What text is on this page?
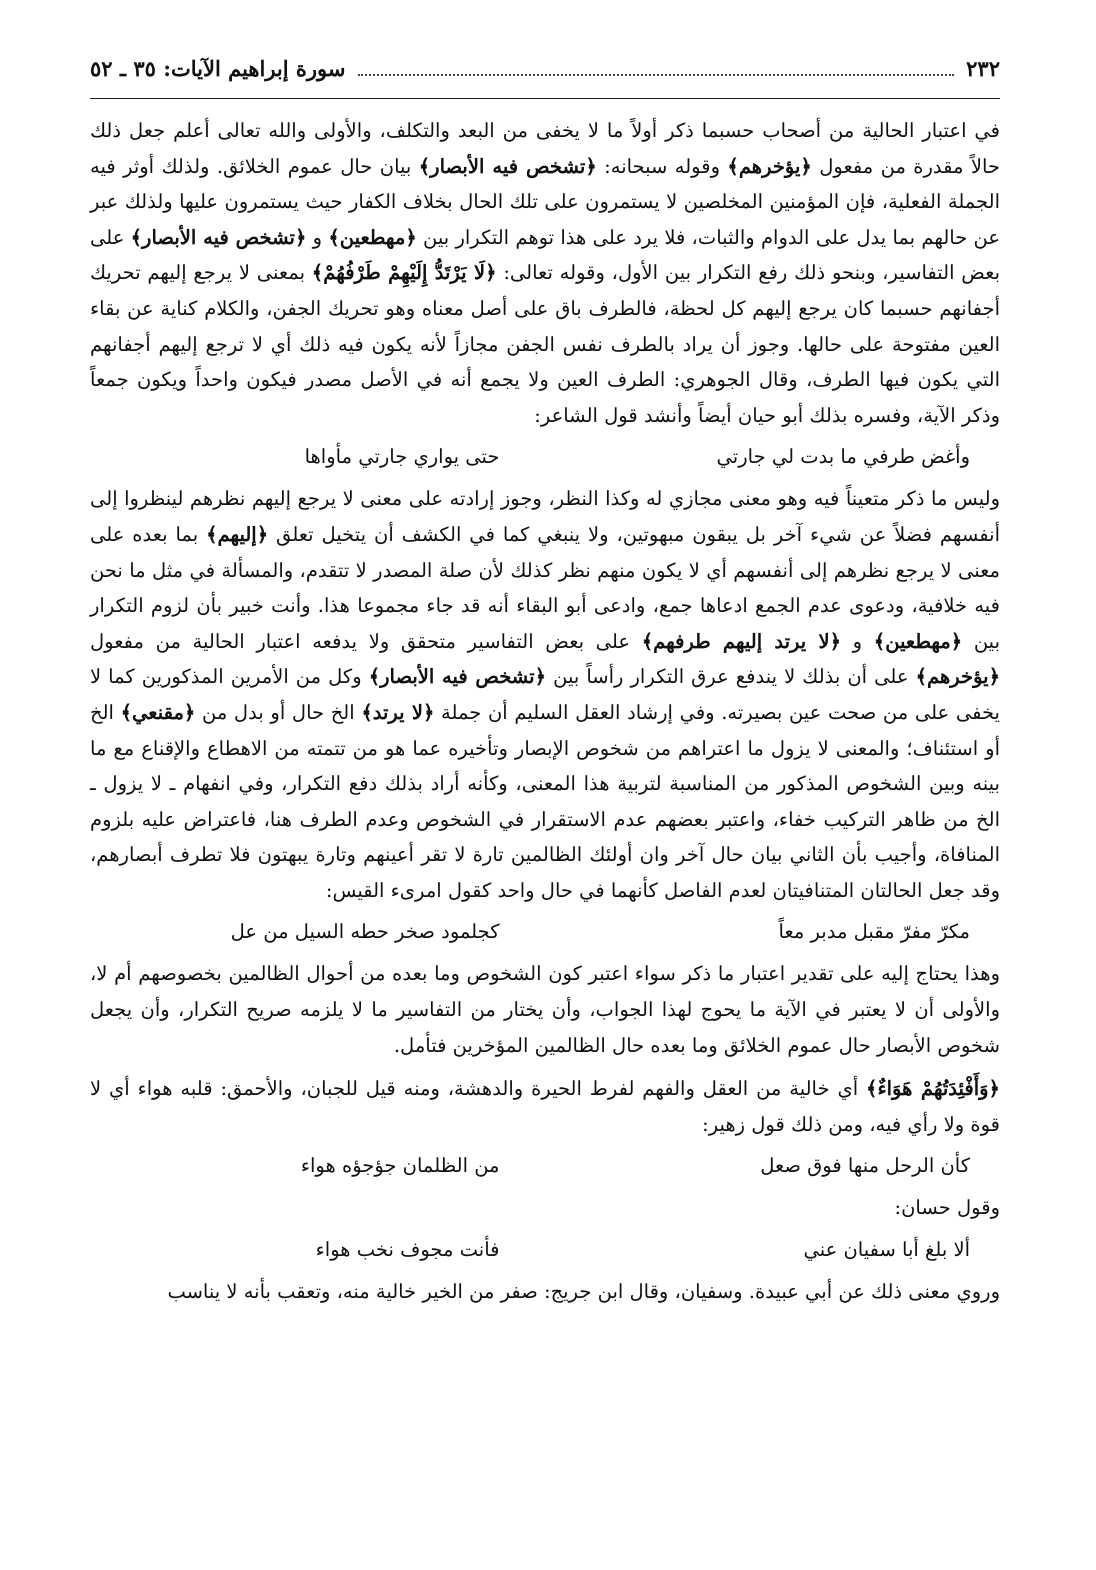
٢٣٢
سورة إبراهيم الآيات: ٣٥ ـ ٥٢

في اعتبار الحالية من أصحاب حسبما ذكر أولاً ما لا يخفى من البعد والتكلف، والأولى والله تعالى أعلم جعل ذلك حالاً مقدرة من مفعول ﴿يؤخرهم﴾ وقوله سبحانه: ﴿تشخص فيه الأبصار﴾ بيان حال عموم الخلائق. ولذلك أوثر فيه الجملة الفعلية، فإن المؤمنين المخلصين لا يستمرون على تلك الحال بخلاف الكفار حيث يستمرون عليها ولذلك عبر عن حالهم بما يدل على الدوام والثبات، فلا يرد على هذا توهم التكرار بين ﴿مهطعين﴾ و ﴿تشخص فيه الأبصار﴾ على بعض التفاسير، وبنحو ذلك رفع التكرار بين الأول، وقوله تعالى: ﴿لَا يَرْتَدُّ إِلَيْهِمْ طَرْفُهُمْ﴾ بمعنى لا يرجع إليهم تحريك أجفانهم حسبما كان يرجع إليهم كل لحظة، فالطرف باق على أصل معناه وهو تحريك الجفن، والكلام كناية عن بقاء العين مفتوحة على حالها. وجوز أن يراد بالطرف نفس الجفن مجازاً لأنه يكون فيه ذلك أي لا ترجع إليهم أجفانهم التي يكون فيها الطرف، وقال الجوهري: الطرف العين ولا يجمع أنه في الأصل مصدر فيكون واحداً ويكون جمعاً وذكر الآية، وفسره بذلك أبو حيان أيضاً وأنشد قول الشاعر:

وأغض طرفي ما بدت لي جارتي
حتى يواري جارتي مأواها

وليس ما ذكر متعيناً فيه وهو معنى مجازي له وكذا النظر، وجوز إرادته على معنى لا يرجع إليهم نظرهم لينظروا إلى أنفسهم فضلاً عن شيء آخر بل يبقون مبهوتين، ولا ينبغي كما في الكشف أن يتخيل تعلق ﴿إليهم﴾ بما بعده على معنى لا يرجع نظرهم إلى أنفسهم أي لا يكون منهم نظر كذلك لأن صلة المصدر لا تتقدم، والمسألة في مثل ما نحن فيه خلافية، ودعوى عدم الجمع ادعاها جمع، وادعى أبو البقاء أنه قد جاء مجموعا هذا. وأنت خبير بأن لزوم التكرار بين ﴿مهطعين﴾ و ﴿لا يرتد إليهم طرفهم﴾ على بعض التفاسير متحقق ولا يدفعه اعتبار الحالية من مفعول ﴿يؤخرهم﴾ على أن بذلك لا يندفع عرق التكرار رأساً بين ﴿تشخص فيه الأبصار﴾ وكل من الأمرين المذكورين كما لا يخفى على من صحت عين بصيرته. وفي إرشاد العقل السليم أن جملة ﴿لا يرتد﴾ الخ حال أو بدل من ﴿مقنعي﴾ الخ أو استئناف؛ والمعنى لا يزول ما اعتراهم من شخوص الإبصار وتأخيره عما هو من تتمته من الاهطاع والإقناع مع ما بينه وبين الشخوص المذكور من المناسبة لتربية هذا المعنى، وكأنه أراد بذلك دفع التكرار، وفي انفهام ـ لا يزول ـ الخ من ظاهر التركيب خفاء، واعتبر بعضهم عدم الاستقرار في الشخوص وعدم الطرف هنا، فاعتراض عليه بلزوم المنافاة، وأجيب بأن الثاني بيان حال آخر وان أولئك الظالمين تارة لا تقر أعينهم وتارة يبهتون فلا تطرف أبصارهم، وقد جعل الحالتان المتنافيتان لعدم الفاصل كأنهما في حال واحد كقول امرىء القيس:

مكرّ مفرّ مقبل مدبر معاً
كجلمود صخر حطه السيل من عل

وهذا يحتاج إليه على تقدير اعتبار ما ذكر سواء اعتبر كون الشخوص وما بعده من أحوال الظالمين بخصوصهم أم لا، والأولى أن لا يعتبر في الآية ما يحوج لهذا الجواب، وأن يختار من التفاسير ما لا يلزمه صريح التكرار، وأن يجعل شخوص الأبصار حال عموم الخلائق وما بعده حال الظالمين المؤخرين فتأمل.

﴿وَأَفْئِدَتُهُمْ هَوَاءٌ﴾ أي خالية من العقل والفهم لفرط الحيرة والدهشة، ومنه قيل للجبان، والأحمق: قلبه هواء أي لا قوة ولا رأي فيه، ومن ذلك قول زهير:

كأن الرحل منها فوق صعل
من الظلمان جؤجؤه هواء
وقول حسان:
ألا بلغ أبا سفيان عني
فأنت مجوف نخب هواء

وروي معنى ذلك عن أبي عبيدة. وسفيان، وقال ابن جريج: صفر من الخير خالية منه، وتعقب بأنه لا يناسب
